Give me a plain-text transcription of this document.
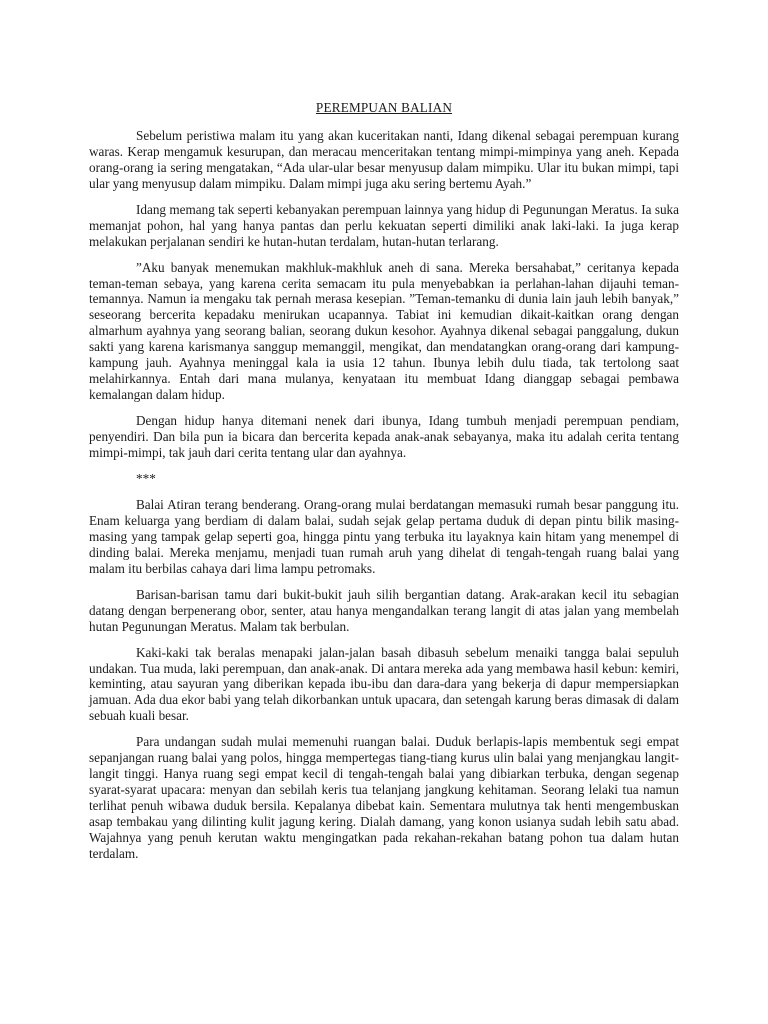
PEREMPUAN BALIAN

Sebelum peristiwa malam itu yang akan kuceritakan nanti, Idang dikenal sebagai perempuan kurang waras. Kerap mengamuk kesurupan, dan meracau menceritakan tentang mimpi-mimpinya yang aneh. Kepada orang-orang ia sering mengatakan, “Ada ular-ular besar menyusup dalam mimpiku. Ular itu bukan mimpi, tapi ular yang menyusup dalam mimpiku. Dalam mimpi juga aku sering bertemu Ayah.”

Idang memang tak seperti kebanyakan perempuan lainnya yang hidup di Pegunungan Meratus. Ia suka memanjat pohon, hal yang hanya pantas dan perlu kekuatan seperti dimiliki anak laki-laki. Ia juga kerap melakukan perjalanan sendiri ke hutan-hutan terdalam, hutan-hutan terlarang.

”Aku banyak menemukan makhluk-makhluk aneh di sana. Mereka bersahabat,” ceritanya kepada teman-teman sebaya, yang karena cerita semacam itu pula menyebabkan ia perlahan-lahan dijauhi teman-temannya. Namun ia mengaku tak pernah merasa kesepian. ”Teman-temanku di dunia lain jauh lebih banyak,” seseorang bercerita kepadaku menirukan ucapannya. Tabiat ini kemudian dikait-kaitkan orang dengan almarhum ayahnya yang seorang balian, seorang dukun kesohor. Ayahnya dikenal sebagai panggalung, dukun sakti yang karena karismanya sanggup memanggil, mengikat, dan mendatangkan orang-orang dari kampung-kampung jauh. Ayahnya meninggal kala ia usia 12 tahun. Ibunya lebih dulu tiada, tak tertolong saat melahirkannya. Entah dari mana mulanya, kenyataan itu membuat Idang dianggap sebagai pembawa kemalangan dalam hidup.

Dengan hidup hanya ditemani nenek dari ibunya, Idang tumbuh menjadi perempuan pendiam, penyendiri. Dan bila pun ia bicara dan bercerita kepada anak-anak sebayanya, maka itu adalah cerita tentang mimpi-mimpi, tak jauh dari cerita tentang ular dan ayahnya.

***

Balai Atiran terang benderang. Orang-orang mulai berdatangan memasuki rumah besar panggung itu. Enam keluarga yang berdiam di dalam balai, sudah sejak gelap pertama duduk di depan pintu bilik masing-masing yang tampak gelap seperti goa, hingga pintu yang terbuka itu layaknya kain hitam yang menempel di dinding balai. Mereka menjamu, menjadi tuan rumah aruh yang dihelat di tengah-tengah ruang balai yang malam itu berbilas cahaya dari lima lampu petromaks.

Barisan-barisan tamu dari bukit-bukit jauh silih bergantian datang. Arak-arakan kecil itu sebagian datang dengan berpenerang obor, senter, atau hanya mengandalkan terang langit di atas jalan yang membelah hutan Pegunungan Meratus. Malam tak berbulan.

Kaki-kaki tak beralas menapaki jalan-jalan basah dibasuh sebelum menaiki tangga balai sepuluh undakan. Tua muda, laki perempuan, dan anak-anak. Di antara mereka ada yang membawa hasil kebun: kemiri, keminting, atau sayuran yang diberikan kepada ibu-ibu dan dara-dara yang bekerja di dapur mempersiapkan jamuan. Ada dua ekor babi yang telah dikorbankan untuk upacara, dan setengah karung beras dimasak di dalam sebuah kuali besar.

Para undangan sudah mulai memenuhi ruangan balai. Duduk berlapis-lapis membentuk segi empat sepanjangan ruang balai yang polos, hingga mempertegas tiang-tiang kurus ulin balai yang menjangkau langit-langit tinggi. Hanya ruang segi empat kecil di tengah-tengah balai yang dibiarkan terbuka, dengan segenap syarat-syarat upacara: menyan dan sebilah keris tua telanjang jangkung kehitaman. Seorang lelaki tua namun terlihat penuh wibawa duduk bersila. Kepalanya dibebat kain. Sementara mulutnya tak henti mengembuskan asap tembakau yang dilinting kulit jagung kering. Dialah damang, yang konon usianya sudah lebih satu abad. Wajahnya yang penuh kerutan waktu mengingatkan pada rekahan-rekahan batang pohon tua dalam hutan terdalam.
